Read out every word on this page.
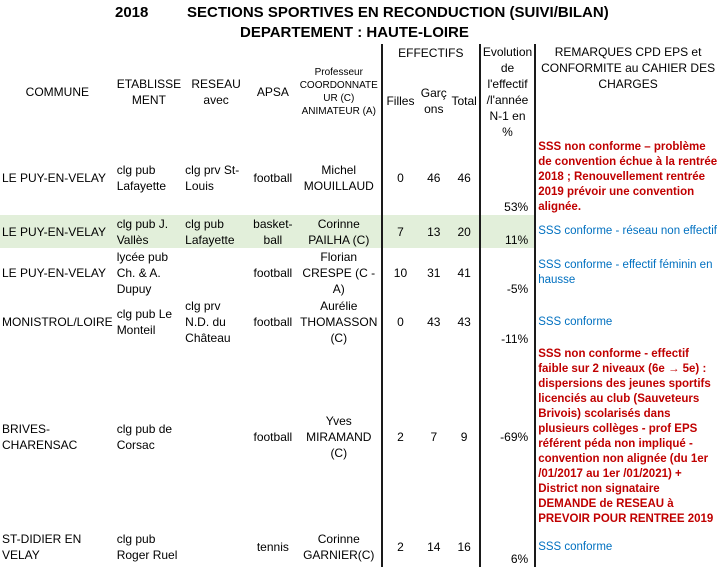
2018	SECTIONS SPORTIVES EN RECONDUCTION (SUIVI/BILAN)
DEPARTEMENT : HAUTE-LOIRE
COMMUNE	ETABLISSE MENT	RESEAU avec	APSA	Professeur COORDONNATE UR (C) ANIMATEUR (A)	EFFECTIFS			Evolution de l'effectif /l'année N-1 en %	REMARQUES CPD EPS et CONFORMITE au CAHIER DES CHARGES
					Filles	Garç ons	Total		
LE PUY-EN-VELAY	clg pub Lafayette	clg prv St-Louis	football	Michel MOUILLAUD	0	46	46	53%	SSS non conforme – problème de convention échue à la rentrée 2018 ; Renouvellement rentrée 2019 prévoir une convention alignée.
LE PUY-EN-VELAY	clg pub J. Vallès	clg pub Lafayette	basket-ball	Corinne PAILHA (C)	7	13	20	11%	SSS conforme - réseau non effectif
LE PUY-EN-VELAY	lycée pub Ch. & A. Dupuy		football	Florian CRESPE (C - A)	10	31	41	-5%	SSS conforme - effectif féminin en hausse
MONISTROL/LOIRE	clg pub Le Monteil	clg prv N.D. du Château	football	Aurélie THOMASSON (C)	0	43	43	-11%	SSS conforme
BRIVES-CHARENSAC	clg pub de Corsac		football	Yves MIRAMAND (C)	2	7	9	-69%	SSS non conforme - effectif faible sur 2 niveaux (6e → 5e) : dispersions des jeunes sportifs licenciés au club (Sauveteurs Brivois) scolarisés dans plusieurs collèges - prof EPS référent péda non impliqué - convention non alignée (du 1er /01/2017 au 1er /01/2021) + District non signataire DEMANDE de RESEAU à PREVOIR POUR RENTREE 2019
ST-DIDIER EN VELAY	clg pub Roger Ruel		tennis	Corinne GARNIER(C)	2	14	16	6%	SSS conforme
